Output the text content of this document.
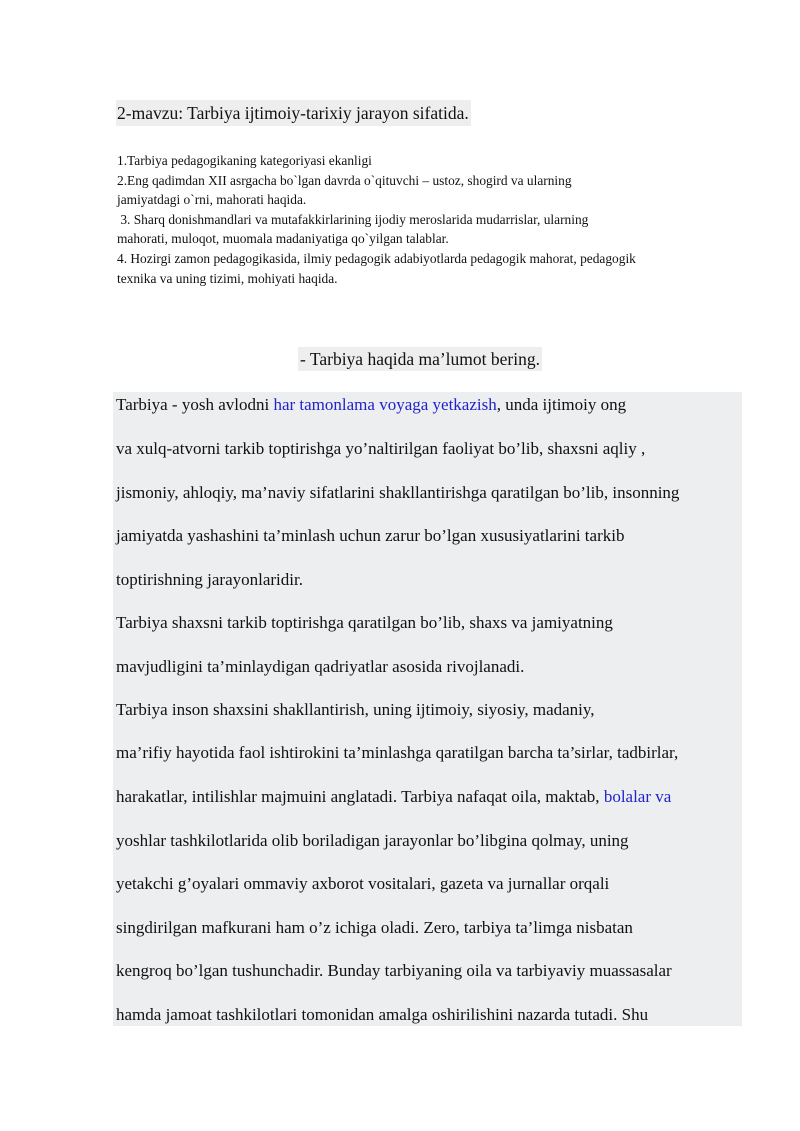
2-mavzu: Tarbiya ijtimoiy-tarixiy jarayon sifatida.
1.Tarbiya pedagogikaning kategoriyasi ekanligi
2.Eng qadimdan XII asrgacha bo`lgan davrda o`qituvchi – ustoz, shogird va ularning
jamiyatdagi o`rni, mahorati haqida.
3. Sharq donishmandlari va mutafakkirlarining ijodiy meroslarida mudarrislar, ularning
mahorati, muloqot, muomala madaniyatiga qo`yilgan talablar.
4. Hozirgi zamon pedagogikasida, ilmiy pedagogik adabiyotlarda pedagogik mahorat, pedagogik
texnika va uning tizimi, mohiyati haqida.
- Tarbiya haqida ma’lumot bering.
Tarbiya - yosh avlodni har tamonlama voyaga yetkazish, unda ijtimoiy ong
va xulq-atvorni tarkib toptirishga yo’naltirilgan faoliyat bo’lib, shaxsni aqliy ,
jismoniy, ahloqiy, ma’naviy sifatlarini shakllantirishga qaratilgan bo’lib, insonning
jamiyatda yashashini ta’minlash uchun zarur bo’lgan xususiyatlarini tarkib
toptirishning jarayonlaridir.
Tarbiya shaxsni tarkib toptirishga qaratilgan bo’lib, shaxs va jamiyatning
mavjudligini ta’minlaydigan qadriyatlar asosida rivojlanadi.
Tarbiya inson shaxsini shakllantirish, uning ijtimoiy, siyosiy, madaniy,
ma’rifiy hayotida faol ishtirokini ta’minlashga qaratilgan barcha ta’sirlar, tadbirlar,
harakatlar, intilishlar majmuini anglatadi. Tarbiya nafaqat oila, maktab, bolalar va
yoshlar tashkilotlarida olib boriladigan jarayonlar bo’libgina qolmay, uning
yetakchi g’oyalari ommaviy axborot vositalari, gazeta va jurnallar orqali
singdirilgan mafkurani ham o’z ichiga oladi. Zero, tarbiya ta’limga nisbatan
kengroq bo’lgan tushunchadir. Bunday tarbiyaning oila va tarbiyaviy muassasalar
hamda jamoat tashkilotlari tomonidan amalga oshirilishini nazarda tutadi. Shu
